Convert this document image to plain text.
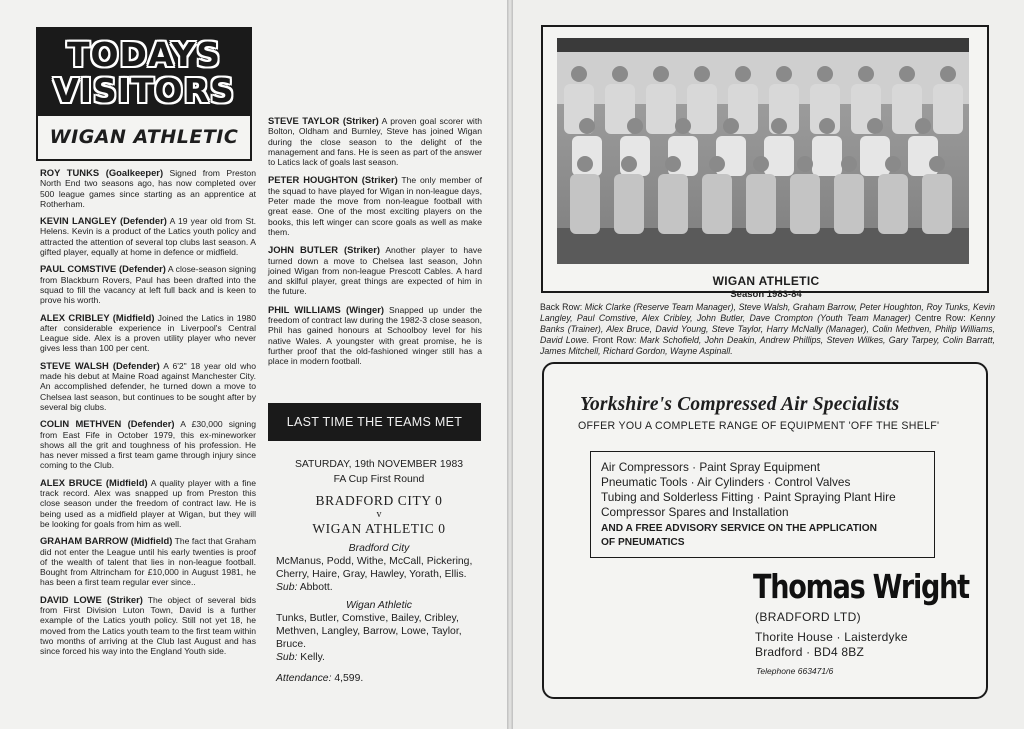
TODAYS
VISITORS
WIGAN ATHLETIC
ROY TUNKS (Goalkeeper) Signed from Preston North End two seasons ago, has now completed over 500 league games since starting as an apprentice at Rotherham.
KEVIN LANGLEY (Defender) A 19 year old from St. Helens. Kevin is a product of the Latics youth policy and attracted the attention of several top clubs last season. A gifted player, equally at home in defence or midfield.
PAUL COMSTIVE (Defender) A close-season signing from Blackburn Rovers, Paul has been drafted into the squad to fill the vacancy at left full back and is keen to prove his worth.
ALEX CRIBLEY (Midfield) Joined the Latics in 1980 after considerable experience in Liverpool's Central League side. Alex is a proven utility player who never gives less than 100 per cent.
STEVE WALSH (Defender) A 6'2" 18 year old who made his debut at Maine Road against Manchester City. An accomplished defender, he turned down a move to Chelsea last season, but continues to be sought after by several big clubs.
COLIN METHVEN (Defender) A £30,000 signing from East Fife in October 1979, this ex-mineworker shows all the grit and toughness of his profession. He has never missed a first team game through injury since coming to the Club.
ALEX BRUCE (Midfield) A quality player with a fine track record. Alex was snapped up from Preston this close season under the freedom of contract law. He is being used as a midfield player at Wigan, but they will be looking for goals from him as well.
GRAHAM BARROW (Midfield) The fact that Graham did not enter the League until his early twenties is proof of the wealth of talent that lies in non-league football. Bought from Altrincham for £10,000 in August 1981, he has been a first team regular ever since..
DAVID LOWE (Striker) The object of several bids from First Division Luton Town, David is a further example of the Latics youth policy. Still not yet 18, he moved from the Latics youth team to the first team within two months of arriving at the Club last August and has since forced his way into the England Youth side.
STEVE TAYLOR (Striker) A proven goal scorer with Bolton, Oldham and Burnley, Steve has joined Wigan during the close season to the delight of the management and fans. He is seen as part of the answer to Latics lack of goals last season.
PETER HOUGHTON (Striker) The only member of the squad to have played for Wigan in non-league days, Peter made the move from non-league football with great ease. One of the most exciting players on the books, this left winger can score goals as well as make them.
JOHN BUTLER (Striker) Another player to have turned down a move to Chelsea last season, John joined Wigan from non-league Prescott Cables. A hard and skilful player, great things are expected of him in the future.
PHIL WILLIAMS (Winger) Snapped up under the freedom of contract law during the 1982-3 close season, Phil has gained honours at Schoolboy level for his native Wales. A youngster with great promise, he is further proof that the old-fashioned winger still has a place in modern football.
LAST TIME THE TEAMS MET
SATURDAY, 19th NOVEMBER 1983
FA Cup First Round
BRADFORD CITY 0
v
WIGAN ATHLETIC 0
Bradford City
McManus, Podd, Withe, McCall, Pickering, Cherry, Haire, Gray, Hawley, Yorath, Ellis.
Sub: Abbott.
Wigan Athletic
Tunks, Butler, Comstive, Bailey, Cribley, Methven, Langley, Barrow, Lowe, Taylor, Bruce.
Sub: Kelly.
Attendance: 4,599.
WIGAN ATHLETIC
Season 1983-84
Back Row: Mick Clarke (Reserve Team Manager), Steve Walsh, Graham Barrow, Peter Houghton, Roy Tunks, Kevin Langley, Paul Comstive, Alex Cribley, John Butler, Dave Crompton (Youth Team Manager) Centre Row: Kenny Banks (Trainer), Alex Bruce, David Young, Steve Taylor, Harry McNally (Manager), Colin Methven, Philip Williams, David Lowe. Front Row: Mark Schofield, John Deakin, Andrew Phillips, Steven Wilkes, Gary Tarpey, Colin Barratt, James Mitchell, Richard Gordon, Wayne Aspinall.
Yorkshire's Compressed Air Specialists
OFFER YOU A COMPLETE RANGE OF EQUIPMENT 'OFF THE SHELF'
Air Compressors · Paint Spray Equipment
Pneumatic Tools · Air Cylinders · Control Valves
Tubing and Solderless Fitting · Paint Spraying Plant Hire
Compressor Spares and Installation
AND A FREE ADVISORY SERVICE ON THE APPLICATION
OF PNEUMATICS
Thomas Wright
(BRADFORD LTD)
Thorite House · Laisterdyke
Bradford · BD4 8BZ
Telephone 663471/6
